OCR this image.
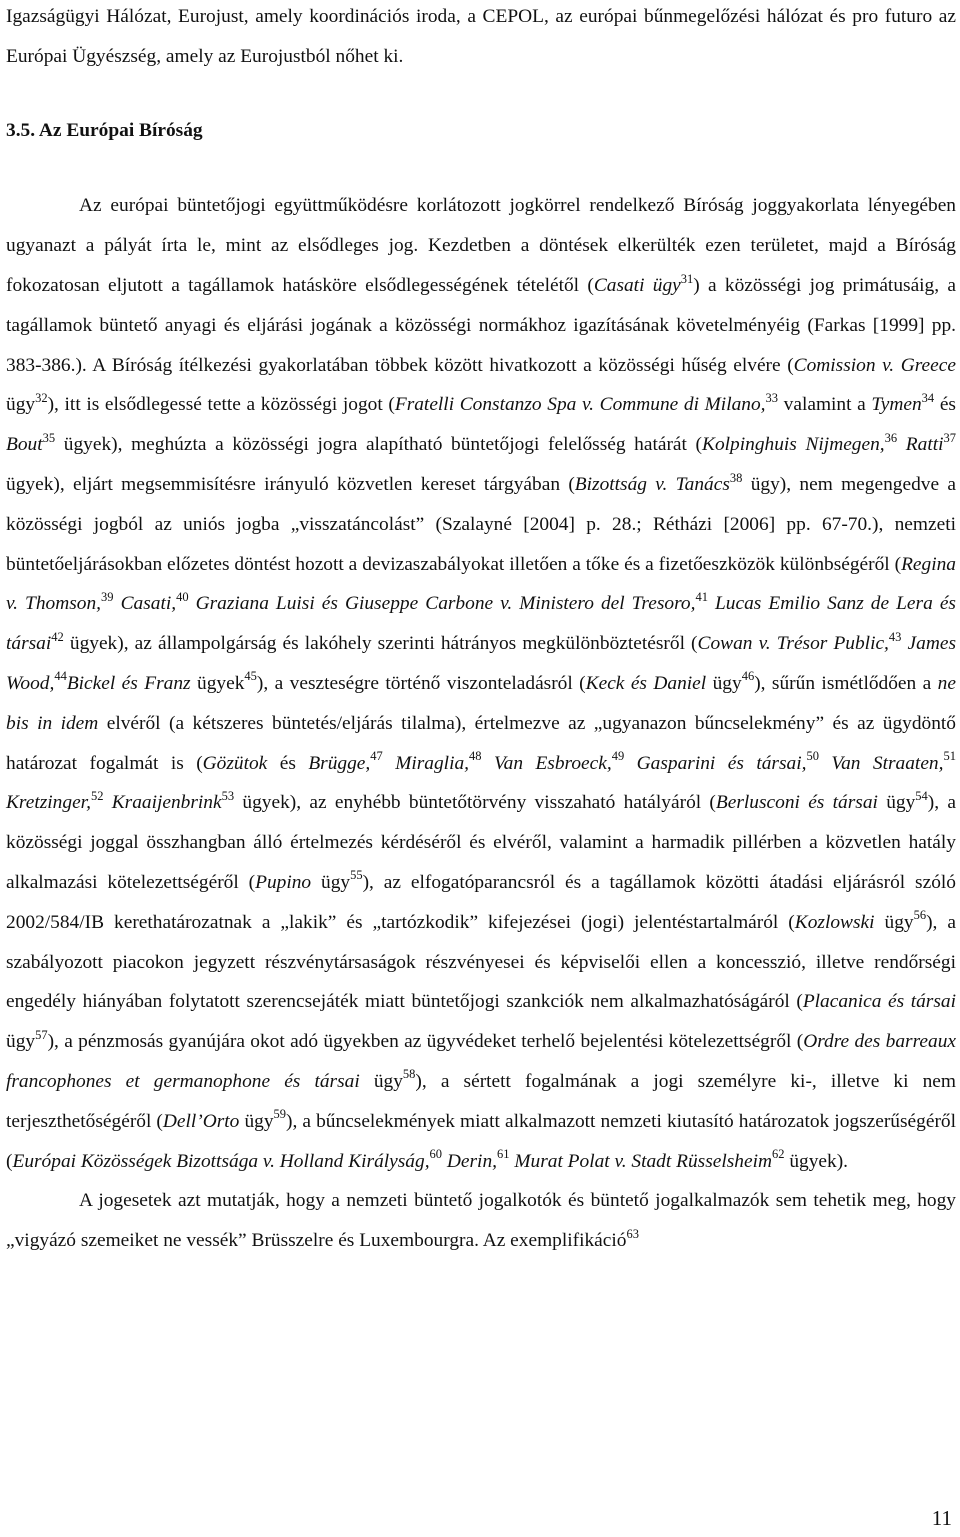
Igazságügyi Hálózat, Eurojust, amely koordinációs iroda, a CEPOL, az európai bűnmegelőzési hálózat és pro futuro az Európai Ügyészség, amely az Eurojustból nőhet ki.

3.5. Az Európai Bíróság

Az európai büntetőjogi együttműködésre korlátozott jogkörrel rendelkező Bíróság joggyakorlata lényegében ugyanazt a pályát írta le, mint az elsődleges jog. Kezdetben a döntések elkerülték ezen területet, majd a Bíróság fokozatosan eljutott a tagállamok hatásköre elsődlegességének tételétől (Casati ügy$^{31}$) a közösségi jog primátusáig, a tagállamok büntető anyagi és eljárási jogának a közösségi normákhoz igazításának követelményéig (Farkas [1999] pp. 383-386.). A Bíróság ítélkezési gyakorlatában többek között hivatkozott a közösségi hűség elvére (Comission v. Greece ügy$^{32}$), itt is elsődlegessé tette a közösségi jogot (Fratelli Constanzo Spa v. Commune di Milano,$^{33}$ valamint a Tymen$^{34}$ és Bout$^{35}$ ügyek), meghúzta a közösségi jogra alapítható büntetőjogi felelősség határát (Kolpinghuis Nijmegen,$^{36}$ Ratti$^{37}$ ügyek), eljárt megsemmisítésre irányuló közvetlen kereset tárgyában (Bizottság v. Tanács$^{38}$ ügy), nem megengedve a közösségi jogból az uniós jogba „visszatáncolást” (Szalayné [2004] p. 28.; Rétházi [2006] pp. 67-70.), nemzeti büntetőeljárásokban előzetes döntést hozott a devizaszabályokat illetően a tőke és a fizetőeszközök különbségéről (Regina v. Thomson,$^{39}$ Casati,$^{40}$ Graziana Luisi és Giuseppe Carbone v. Ministero del Tresoro,$^{41}$ Lucas Emilio Sanz de Lera és társai$^{42}$ ügyek), az állampolgárság és lakóhely szerinti hátrányos megkülönböztetésről (Cowan v. Trésor Public,$^{43}$ James Wood,$^{44}$Bickel és Franz ügyek$^{45}$), a veszteségre történő viszonteladásról (Keck és Daniel ügy$^{46}$), sűrűn ismétlődően a ne bis in idem elvéről (a kétszeres büntetés/eljárás tilalma), értelmezve az „ugyanazon bűncselekmény” és az ügydöntő határozat fogalmát is (Gözütok és Brügge,$^{47}$ Miraglia,$^{48}$ Van Esbroeck,$^{49}$ Gasparini és társai,$^{50}$ Van Straaten,$^{51}$ Kretzinger,$^{52}$ Kraaijenbrink$^{53}$ ügyek), az enyhébb büntetőtörvény visszaható hatályáról (Berlusconi és társai ügy$^{54}$), a közösségi joggal összhangban álló értelmezés kérdéséről és elvéről, valamint a harmadik pillérben a közvetlen hatály alkalmazási kötelezettségéről (Pupino ügy$^{55}$), az elfogatóparancsról és a tagállamok közötti átadási eljárásról szóló 2002/584/IB kerethatározatnak a „lakik” és „tartózkodik” kifejezései (jogi) jelentéstartalmáról (Kozlowski ügy$^{56}$), a szabályozott piacokon jegyzett részvénytársaságok részvényesei és képviselői ellen a koncesszió, illetve rendőrségi engedély hiányában folytatott szerencsejáték miatt büntetőjogi szankciók nem alkalmazhatóságáról (Placanica és társai ügy$^{57}$), a pénzmosás gyanújára okot adó ügyekben az ügyvédeket terhelő bejelentési kötelezettségről (Ordre des barreaux francophones et germanophone és társai ügy$^{58}$), a sértett fogalmának a jogi személyre ki-, illetve ki nem terjeszthetőségéről (Dell’Orto ügy$^{59}$), a bűncselekmények miatt alkalmazott nemzeti kiutasító határozatok jogszerűségéről (Európai Közösségek Bizottsága v. Holland Királyság,$^{60}$ Derin,$^{61}$ Murat Polat v. Stadt Rüsselsheim$^{62}$ ügyek).

A jogesetek azt mutatják, hogy a nemzeti büntető jogalkotók és büntető jogalkalmazók sem tehetik meg, hogy „vigyázó szemeiket ne vessék” Brüsszelre és Luxembourgra. Az exemplifikáció$^{63}$

11
